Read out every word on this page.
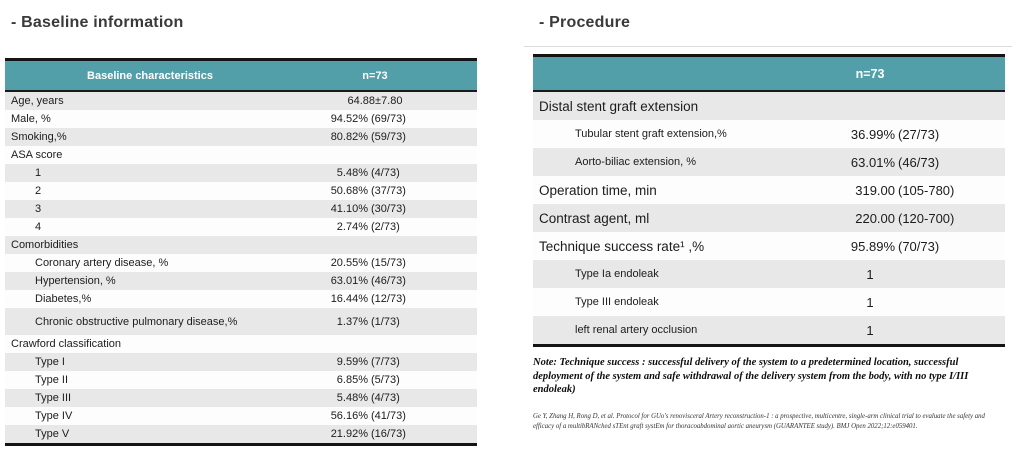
- Baseline information	- Procedure
Baseline characteristics	n=73
Age, years	64.88±7.80
Male, %	94.52% (69/73)
Smoking,%	80.82% (59/73)
ASA score
1	5.48% (4/73)
2	50.68% (37/73)
3	41.10% (30/73)
4	2.74% (2/73)
Comorbidities
Coronary artery disease, %	20.55% (15/73)
Hypertension, %	63.01% (46/73)
Diabetes,%	16.44% (12/73)
Chronic obstructive pulmonary disease,%	1.37% (1/73)
Crawford classification
Type I	9.59% (7/73)
Type II	6.85% (5/73)
Type III	5.48% (4/73)
Type IV	56.16% (41/73)
Type V	21.92% (16/73)
n=73
Distal stent graft extension
Tubular stent graft extension,%	36.99% (27/73)
Aorto-biliac extension, %	63.01% (46/73)
Operation time, min	319.00 (105-780)
Contrast agent, ml	220.00 (120-700)
Technique success rate¹ ,%	95.89% (70/73)
Type Ia endoleak	1
Type III endoleak	1
left renal artery occlusion	1
Note: Technique success : successful delivery of the system to a predetermined location, successful deployment of the system and safe withdrawal of the delivery system from the body, with no type I/III endoleak)
Ge Y, Zhang H, Rong D, et al. Protocol for GUo's renovisceral Artery reconstruction-1 : a prospective, multicentre, single-arm clinical trial to evaluate the safety and efficacy of a multibRANched sTEnt graft systEm for thoracoabdominal aortic aneurysm (GUARANTEE study). BMJ Open 2022;12:e059401.
